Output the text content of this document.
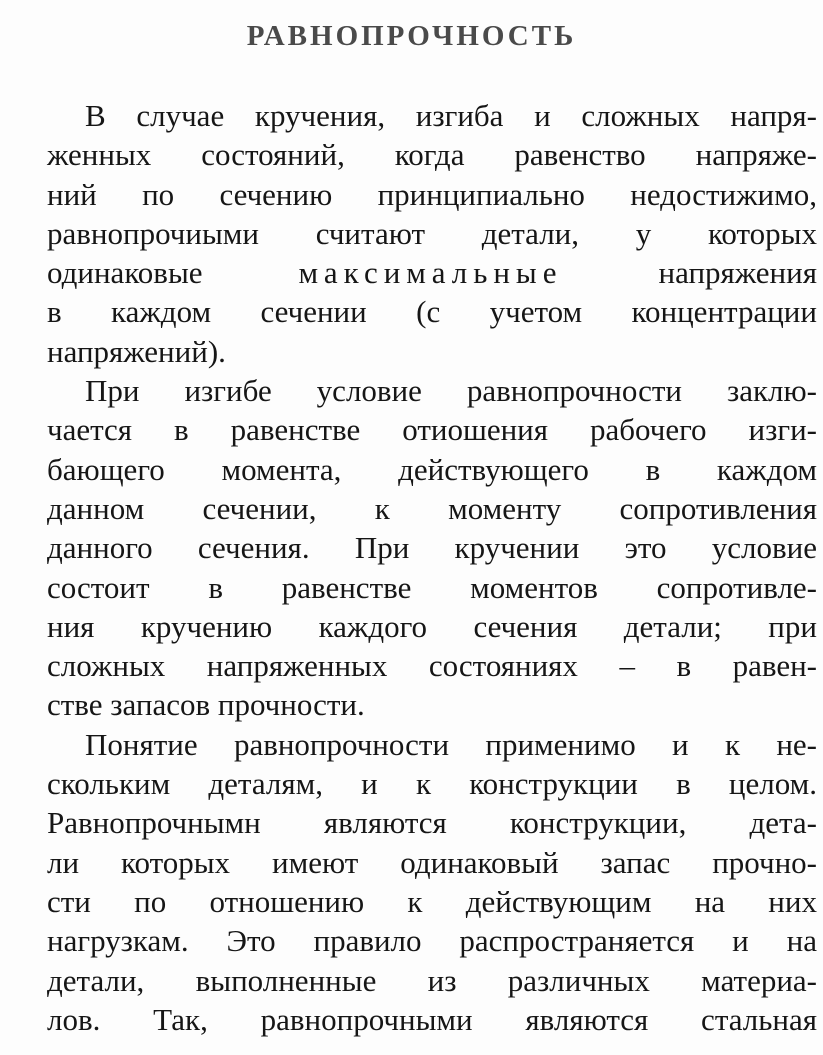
РАВНОПРОЧНОСТЬ
В случае кручения, изгиба и сложных напря-
женных состояний, когда равенство напряже-
ний по сечению принципиально недостижимо,
равнопрочиыми считают детали, у которых
одинаковые максимальные напряжения
в каждом сечении (с учетом концентрации
напряжений).
При изгибе условие равнопрочности заклю-
чается в равенстве отиошения рабочего изги-
бающего момента, действующего в каждом
данном сечении, к моменту сопротивления
данного сечения. При кручении это условие
состоит в равенстве моментов сопротивле-
ния кручению каждого сечения детали; при
сложных напряженных состояниях – в равен-
стве запасов прочности.
Понятие равнопрочности применимо и к не-
скольким деталям, и к конструкции в целом.
Равнопрочнымн являются конструкции, дета-
ли которых имеют одинаковый запас прочно-
сти по отношению к действующим на них
нагрузкам. Это правило распространяется и на
детали, выполненные из различных материа-
лов. Так, равнопрочными являются стальная
